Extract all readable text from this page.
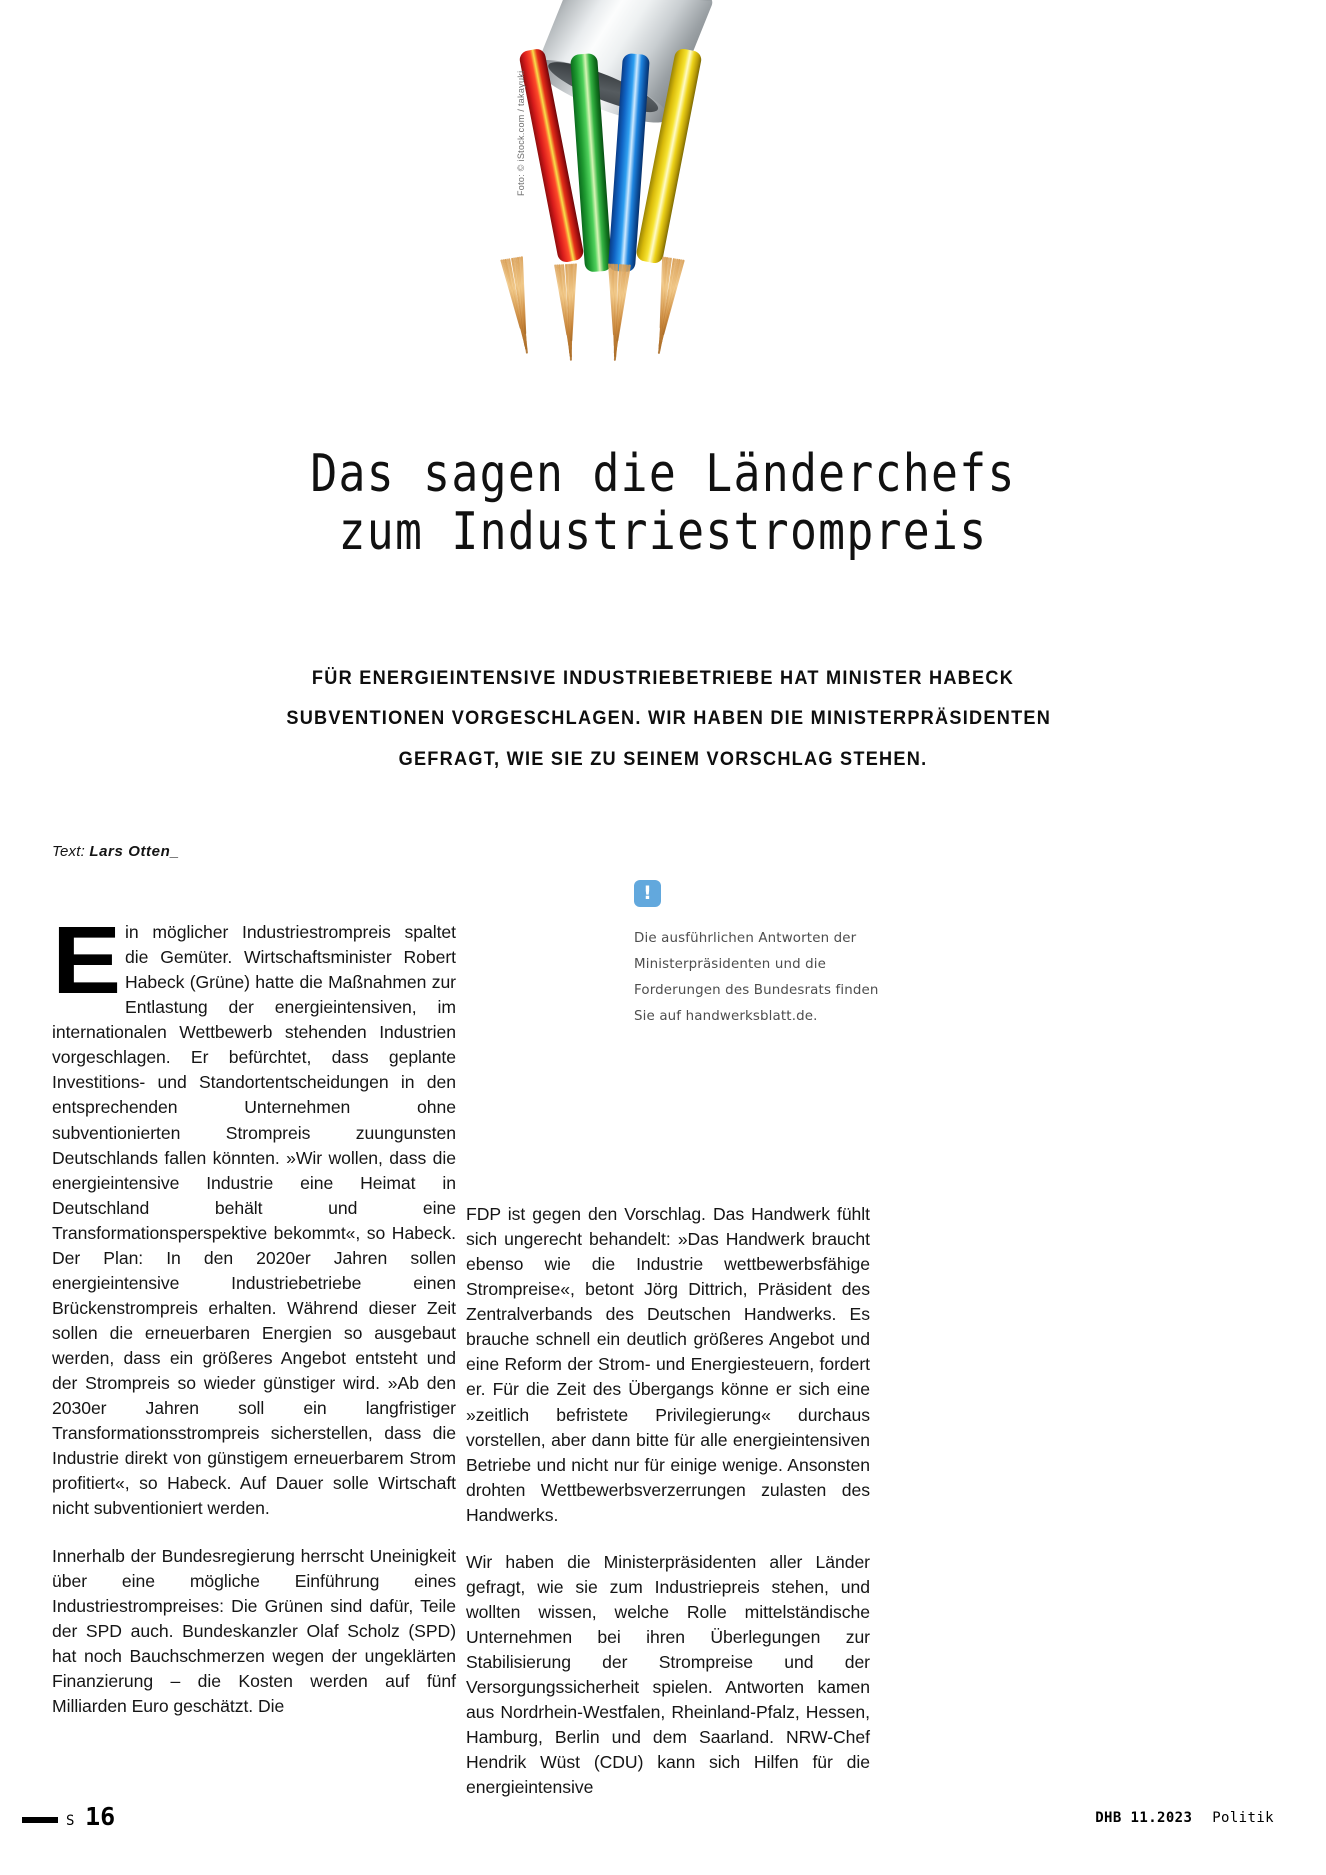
Foto: © iStock.com / takayuki
Das sagen die Länderchefs
zum Industriestrompreis
FÜR ENERGIEINTENSIVE INDUSTRIEBETRIEBE HAT MINISTER HABECK
SUBVENTIONEN VORGESCHLAGEN. WIR HABEN DIE MINISTERPRÄSIDENTEN
GEFRAGT, WIE SIE ZU SEINEM VORSCHLAG STEHEN.
Text: Lars Otten_
!
Die ausführlichen Antworten der
Ministerpräsidenten und die
Forderungen des Bundesrats finden
Sie auf handwerksblatt.de.

Ein möglicher Industriestrompreis spaltet die Gemüter. Wirtschaftsminister Robert Habeck (Grüne) hatte die Maßnahmen zur Entlastung der energieintensiven, im internationalen Wettbewerb stehenden Industrien vorgeschlagen. Er befürchtet, dass geplante Investitions- und Standortentscheidungen in den entsprechenden Unternehmen ohne subventionierten Strompreis zuungunsten Deutschlands fallen könnten. »Wir wollen, dass die energieintensive Industrie eine Heimat in Deutschland behält und eine Transformationsperspektive bekommt«, so Habeck. Der Plan: In den 2020er Jahren sollen energieintensive Industriebetriebe einen Brückenstrompreis erhalten. Während dieser Zeit sollen die erneuerbaren Energien so ausgebaut werden, dass ein größeres Angebot entsteht und der Strompreis so wieder günstiger wird. »Ab den 2030er Jahren soll ein langfristiger Transformationsstrompreis sicherstellen, dass die Industrie direkt von günstigem erneuerbarem Strom profitiert«, so Habeck. Auf Dauer solle Wirtschaft nicht subventioniert werden.

Innerhalb der Bundesregierung herrscht Uneinigkeit über eine mögliche Einführung eines Industriestrompreises: Die Grünen sind dafür, Teile der SPD auch. Bundeskanzler Olaf Scholz (SPD) hat noch Bauchschmerzen wegen der ungeklärten Finanzierung – die Kosten werden auf fünf Milliarden Euro geschätzt. Die

FDP ist gegen den Vorschlag. Das Handwerk fühlt sich ungerecht behandelt: »Das Handwerk braucht ebenso wie die Industrie wettbewerbsfähige Strompreise«, betont Jörg Dittrich, Präsident des Zentralverbands des Deutschen Handwerks. Es brauche schnell ein deutlich größeres Angebot und eine Reform der Strom- und Energiesteuern, fordert er. Für die Zeit des Übergangs könne er sich eine »zeitlich befristete Privilegierung« durchaus vorstellen, aber dann bitte für alle energieintensiven Betriebe und nicht nur für einige wenige. Ansonsten drohten Wettbewerbsverzerrungen zulasten des Handwerks.

Wir haben die Ministerpräsidenten aller Länder gefragt, wie sie zum Industriepreis stehen, und wollten wissen, welche Rolle mittelständische Unternehmen bei ihren Überlegungen zur Stabilisierung der Strompreise und der Versorgungssicherheit spielen. Antworten kamen aus Nordrhein-Westfalen, Rheinland-Pfalz, Hessen, Hamburg, Berlin und dem Saarland. NRW-Chef Hendrik Wüst (CDU) kann sich Hilfen für die energieintensive

S 16	DHB 11.2023 Politik
